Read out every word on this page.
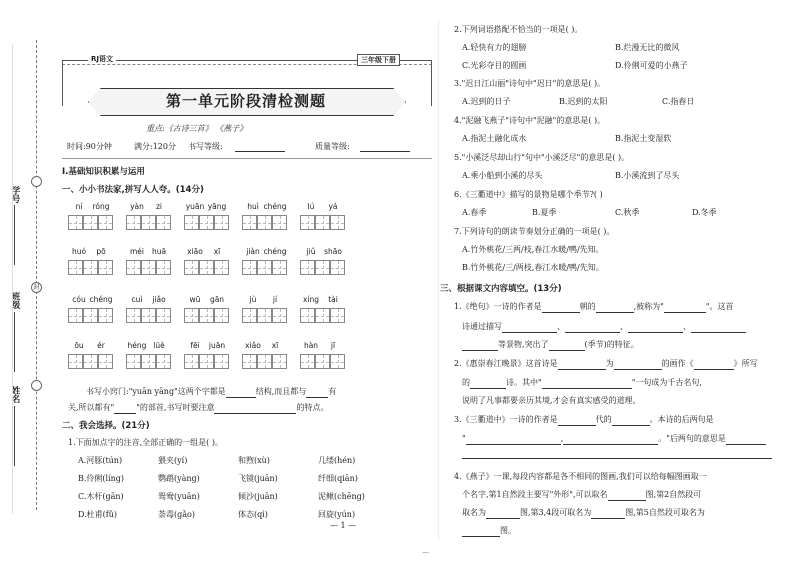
封
学号
班级
姓名
RJ语文	三年级下册
第一单元阶段清检测题
重点:《古诗三首》 《燕子》
时间:90分钟	满分:120分 书写等级:	质量等级:
Ⅰ.基础知识积累与运用
一、小小书法家,拼写人人夸。(14分)
ní	róng	yàn	zi	yuān yāng	huì chéng	lú	yá
huó	pō	méi	huā	xiāo	xī	jiàn chéng	jiǔ	shāo
cóu chéng	cuì	jiǎo	wū	gān	jù	jí	xíng	tài
ōu	ér	héng lüè	fēi	juān	xiǎo	xī	hàn	jī
书写小窍门:"yuān yāng"这两个字都是	结构,而且都与	有
关,所以都有"	"的部首,书写时要注意	的特点。
二、我会选择。(21分)
1.下面加点字的注音,全部正确的一组是( )。
A.河豚(tún)	猥夹(yí)	和煦(xù)	几缕(hén)
B.伶俐(líng)	鹦鹉(yàng)	飞镜(juān)	纤细(qiān)
C.木杆(gān)	鸳鸯(yuān)	倾沙(juān)	泥鳅(chēng)
D.杜甫(fǔ)	荼毒(gǎo)	体态(qì)	回旋(yún)
— 1 —
2.下列词语搭配不恰当的一项是( )。
A.轻快有力的翅膀	B.烂漫无比的微风
C.光彩夺目的圆画	D.伶俐可爱的小燕子
3."迟日江山丽"诗句中"迟日"的意思是( )。
A.迟到的日子	B.迟到的太阳	C.指春日
4."泥融飞燕子"诗句中"泥融"的意思是( )。
A.指泥土融化成水	B.指泥土变湿软
5."小溪泛尽却山行"句中"小溪泛尽"的意思是( )。
A.乘小船到小溪的尽头	B.小溪流到了尽头
6.《三衢道中》描写的景物是哪个季节?( )
A.春季	B.夏季	C.秋季	D.冬季
7.下列诗句的朗读节奏划分正确的一项是( )。
A.竹外桃花/三两/枝,春江水暖/鸭/先知。
B.竹外桃花/三/两枝,春江水暖/鸭/先知。
三、根据课文内容填空。(13分)
1.《绝句》一诗的作者是	朝的	,被称为"	"。这首
诗通过描写	、	、	、
等景物,突出了	(季节)的特征。
2.《惠崇春江晚景》这首诗是	为	的画作《	》所写
的	诗。其中"	"一句成为千古名句,
说明了凡事都要亲历其境,才会有真实感受的道理。
3.《三衢道中》一诗的作者是	代的	。本诗的后两句是
"	,	。"后两句的意思是
4.《燕子》一课,每段内容都是各不相同的图画,我们可以给每幅图画取一
个名字,第1自然段主要写"外形",可以取名	图,第2自然段可
取名为	图,第3,4段可取名为	图,第5自然段可取名为
图。
—
